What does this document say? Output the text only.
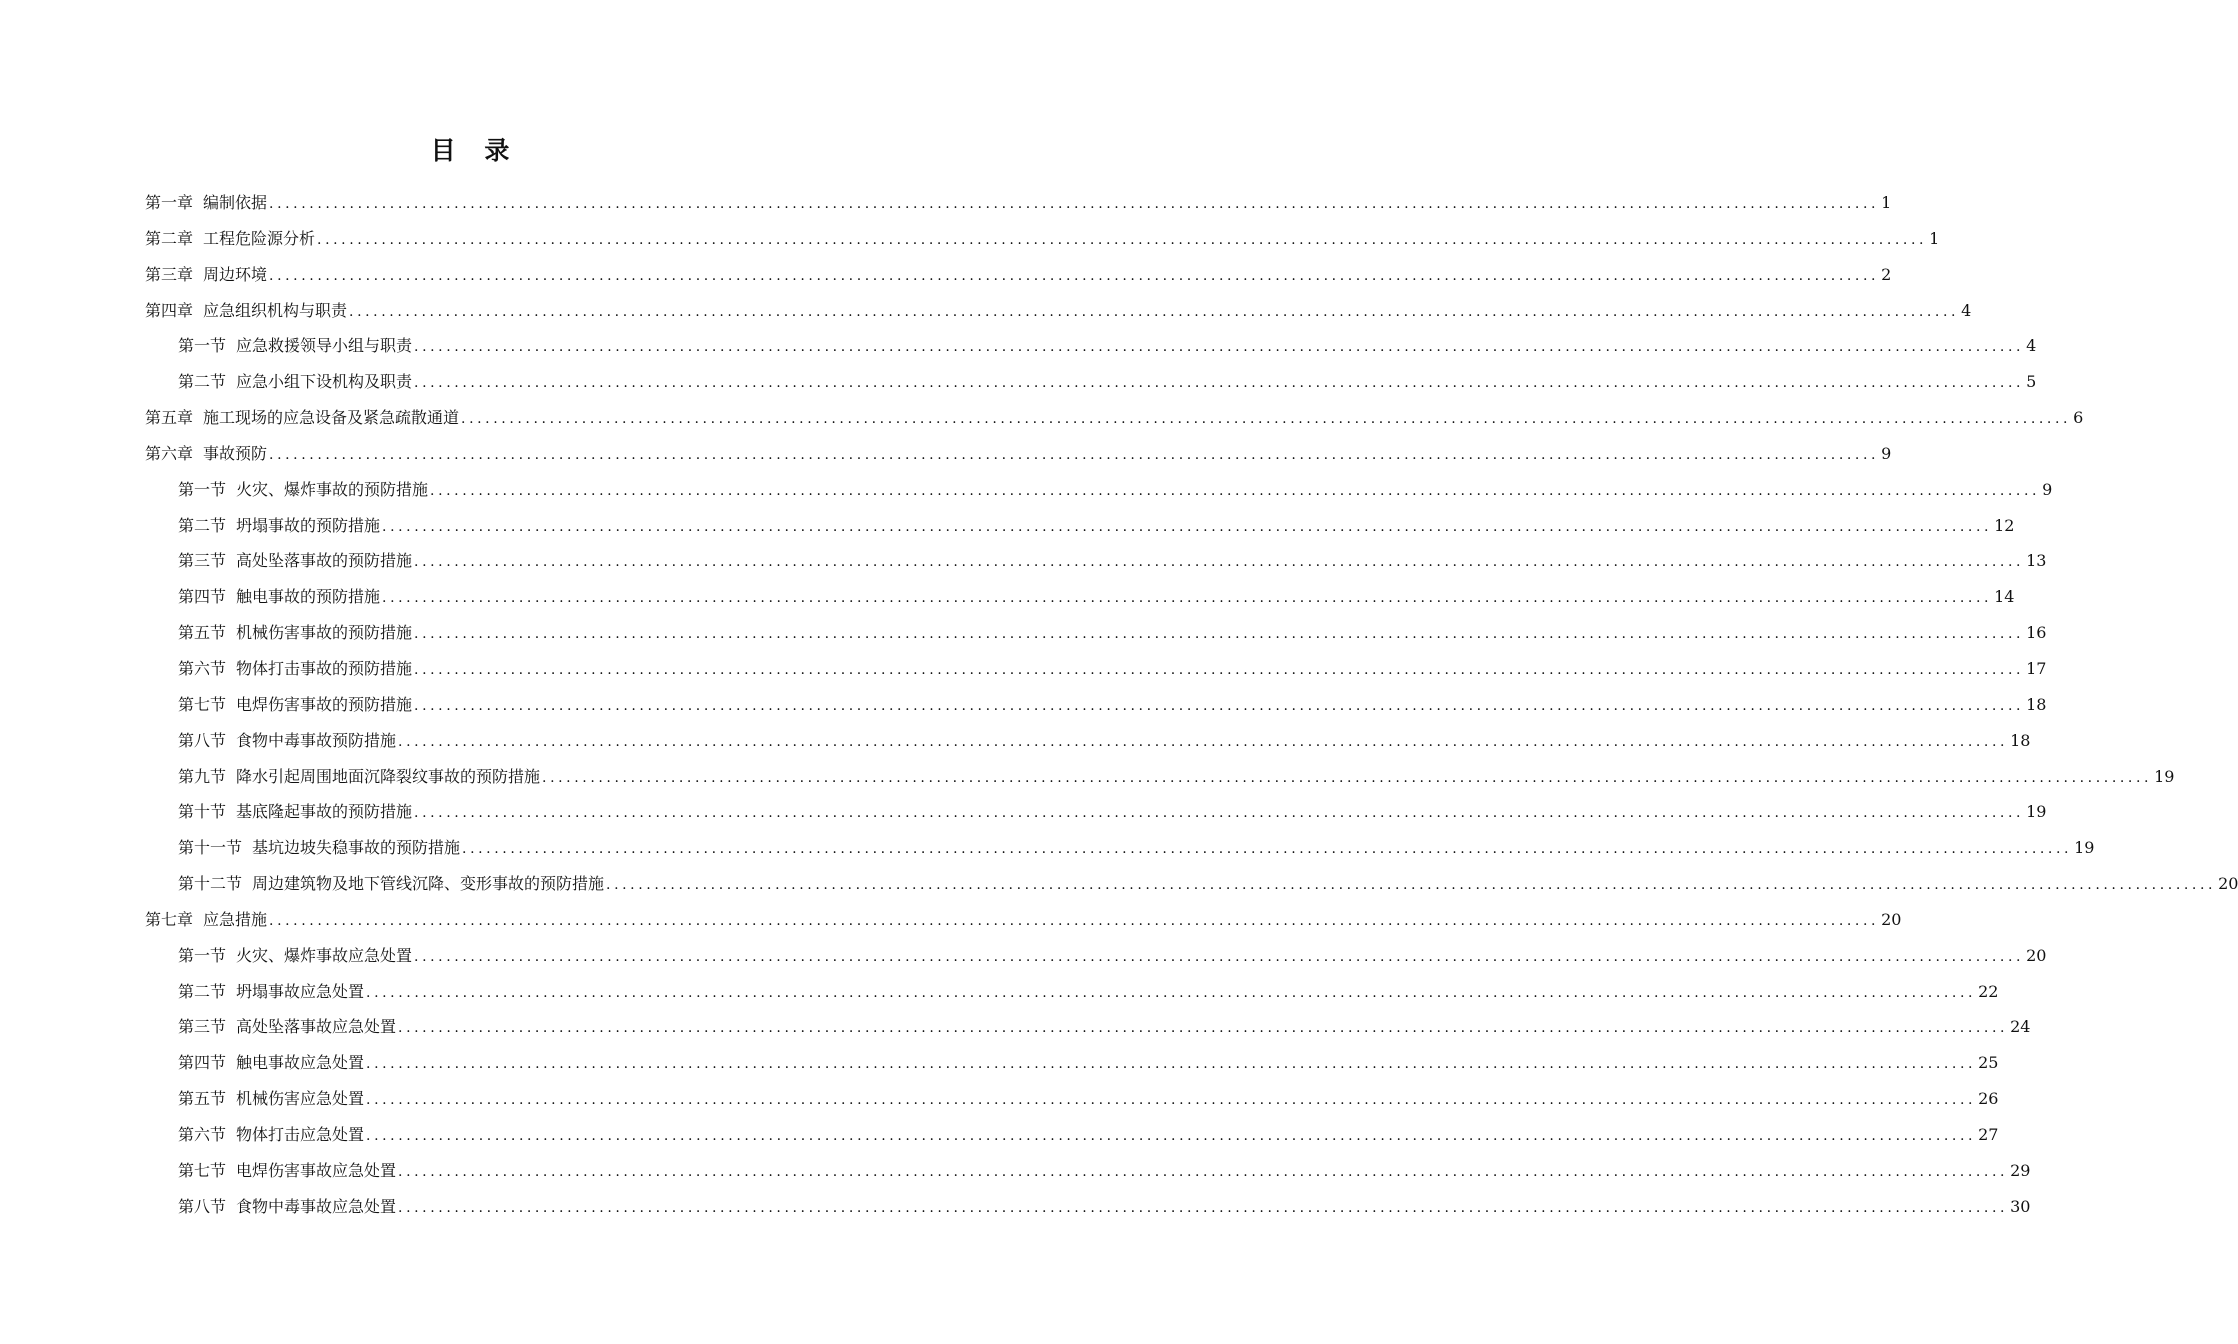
目 录
第一章 编制依据 ........................................................................................................................................................................................................ 1
第二章 工程危险源分析 ........................................................................................................................................................................................................ 1
第三章 周边环境 ........................................................................................................................................................................................................ 2
第四章 应急组织机构与职责 ........................................................................................................................................................................................................ 4
第一节 应急救援领导小组与职责 ........................................................................................................................................................................................................ 4
第二节 应急小组下设机构及职责 ........................................................................................................................................................................................................ 5
第五章 施工现场的应急设备及紧急疏散通道 ........................................................................................................................................................................................................ 6
第六章 事故预防 ........................................................................................................................................................................................................ 9
第一节 火灾、爆炸事故的预防措施 ........................................................................................................................................................................................................ 9
第二节 坍塌事故的预防措施 ........................................................................................................................................................................................................ 12
第三节 高处坠落事故的预防措施 ........................................................................................................................................................................................................ 13
第四节 触电事故的预防措施 ........................................................................................................................................................................................................ 14
第五节 机械伤害事故的预防措施 ........................................................................................................................................................................................................ 16
第六节 物体打击事故的预防措施 ........................................................................................................................................................................................................ 17
第七节 电焊伤害事故的预防措施 ........................................................................................................................................................................................................ 18
第八节 食物中毒事故预防措施 ........................................................................................................................................................................................................ 18
第九节 降水引起周围地面沉降裂纹事故的预防措施 ........................................................................................................................................................................................................ 19
第十节 基底隆起事故的预防措施 ........................................................................................................................................................................................................ 19
第十一节 基坑边坡失稳事故的预防措施 ........................................................................................................................................................................................................ 19
第十二节 周边建筑物及地下管线沉降、变形事故的预防措施 ........................................................................................................................................................................................................ 20
第七章 应急措施 ........................................................................................................................................................................................................ 20
第一节 火灾、爆炸事故应急处置 ........................................................................................................................................................................................................ 20
第二节 坍塌事故应急处置 ........................................................................................................................................................................................................ 22
第三节 高处坠落事故应急处置 ........................................................................................................................................................................................................ 24
第四节 触电事故应急处置 ........................................................................................................................................................................................................ 25
第五节 机械伤害应急处置 ........................................................................................................................................................................................................ 26
第六节 物体打击应急处置 ........................................................................................................................................................................................................ 27
第七节 电焊伤害事故应急处置 ........................................................................................................................................................................................................ 29
第八节 食物中毒事故应急处置 ........................................................................................................................................................................................................ 30
